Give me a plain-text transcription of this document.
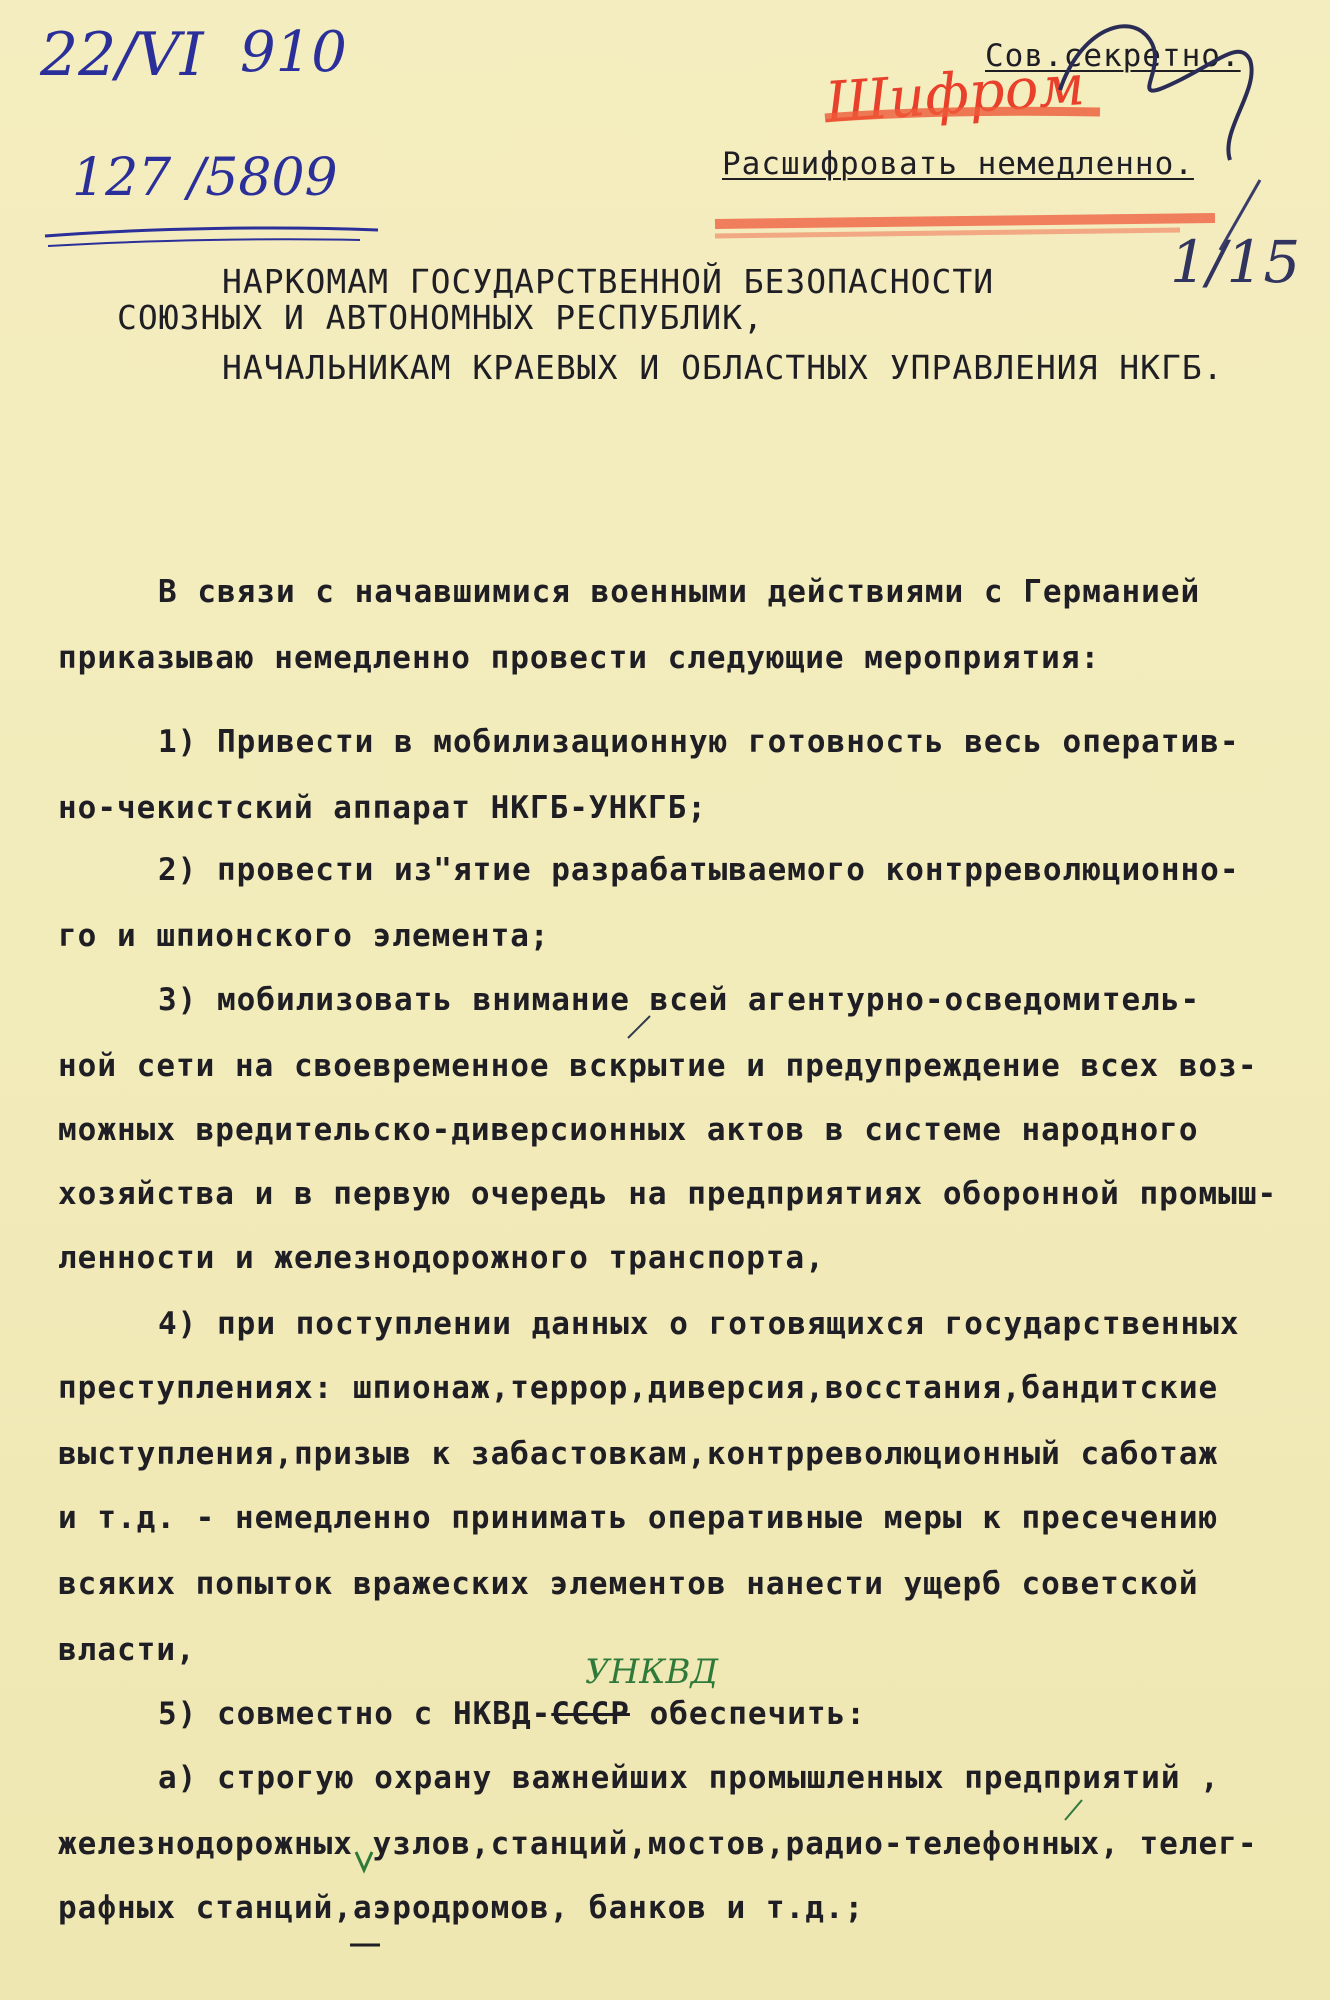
22/VI 910
127 /5809
Сов.секретно.
Шифром
Расшифровать немедленно.
1/15
НАРКОМАМ ГОСУДАРСТВЕННОЙ БЕЗОПАСНОСТИ
СОЮЗНЫХ И АВТОНОМНЫХ РЕСПУБЛИК,
НАЧАЛЬНИКАМ КРАЕВЫХ И ОБЛАСТНЫХ УПРАВЛЕНИЯ НКГБ.
В связи с начавшимися военными действиями с Германией
приказываю немедленно провести следующие мероприятия:
1) Привести в мобилизационную готовность весь оператив-
но-чекистский аппарат НКГБ-УНКГБ;
2) провести из"ятие разрабатываемого контрреволюционно-
го и шпионского элемента;
3) мобилизовать внимание всей агентурно-осведомитель-
ной сети на своевременное вскрытие и предупреждение всех воз-
можных вредительско-диверсионных актов в системе народного
хозяйства и в первую очередь на предприятиях оборонной промыш-
ленности и железнодорожного транспорта,
4) при поступлении данных о готовящихся государственных
преступлениях: шпионаж,террор,диверсия,восстания,бандитские
выступления,призыв к забастовкам,контрреволюционный саботаж
и т.д. - немедленно принимать оперативные меры к пресечению
всяких попыток вражеских элементов нанести ущерб советской
власти,
УНКВД
5) совместно с НКВД-СССР обеспечить:
а) строгую охрану важнейших промышленных предприятий ,
железнодорожных узлов,станций,мостов,радио-телефонных, телег-
рафных станций,аэродромов, банков и т.д.;
